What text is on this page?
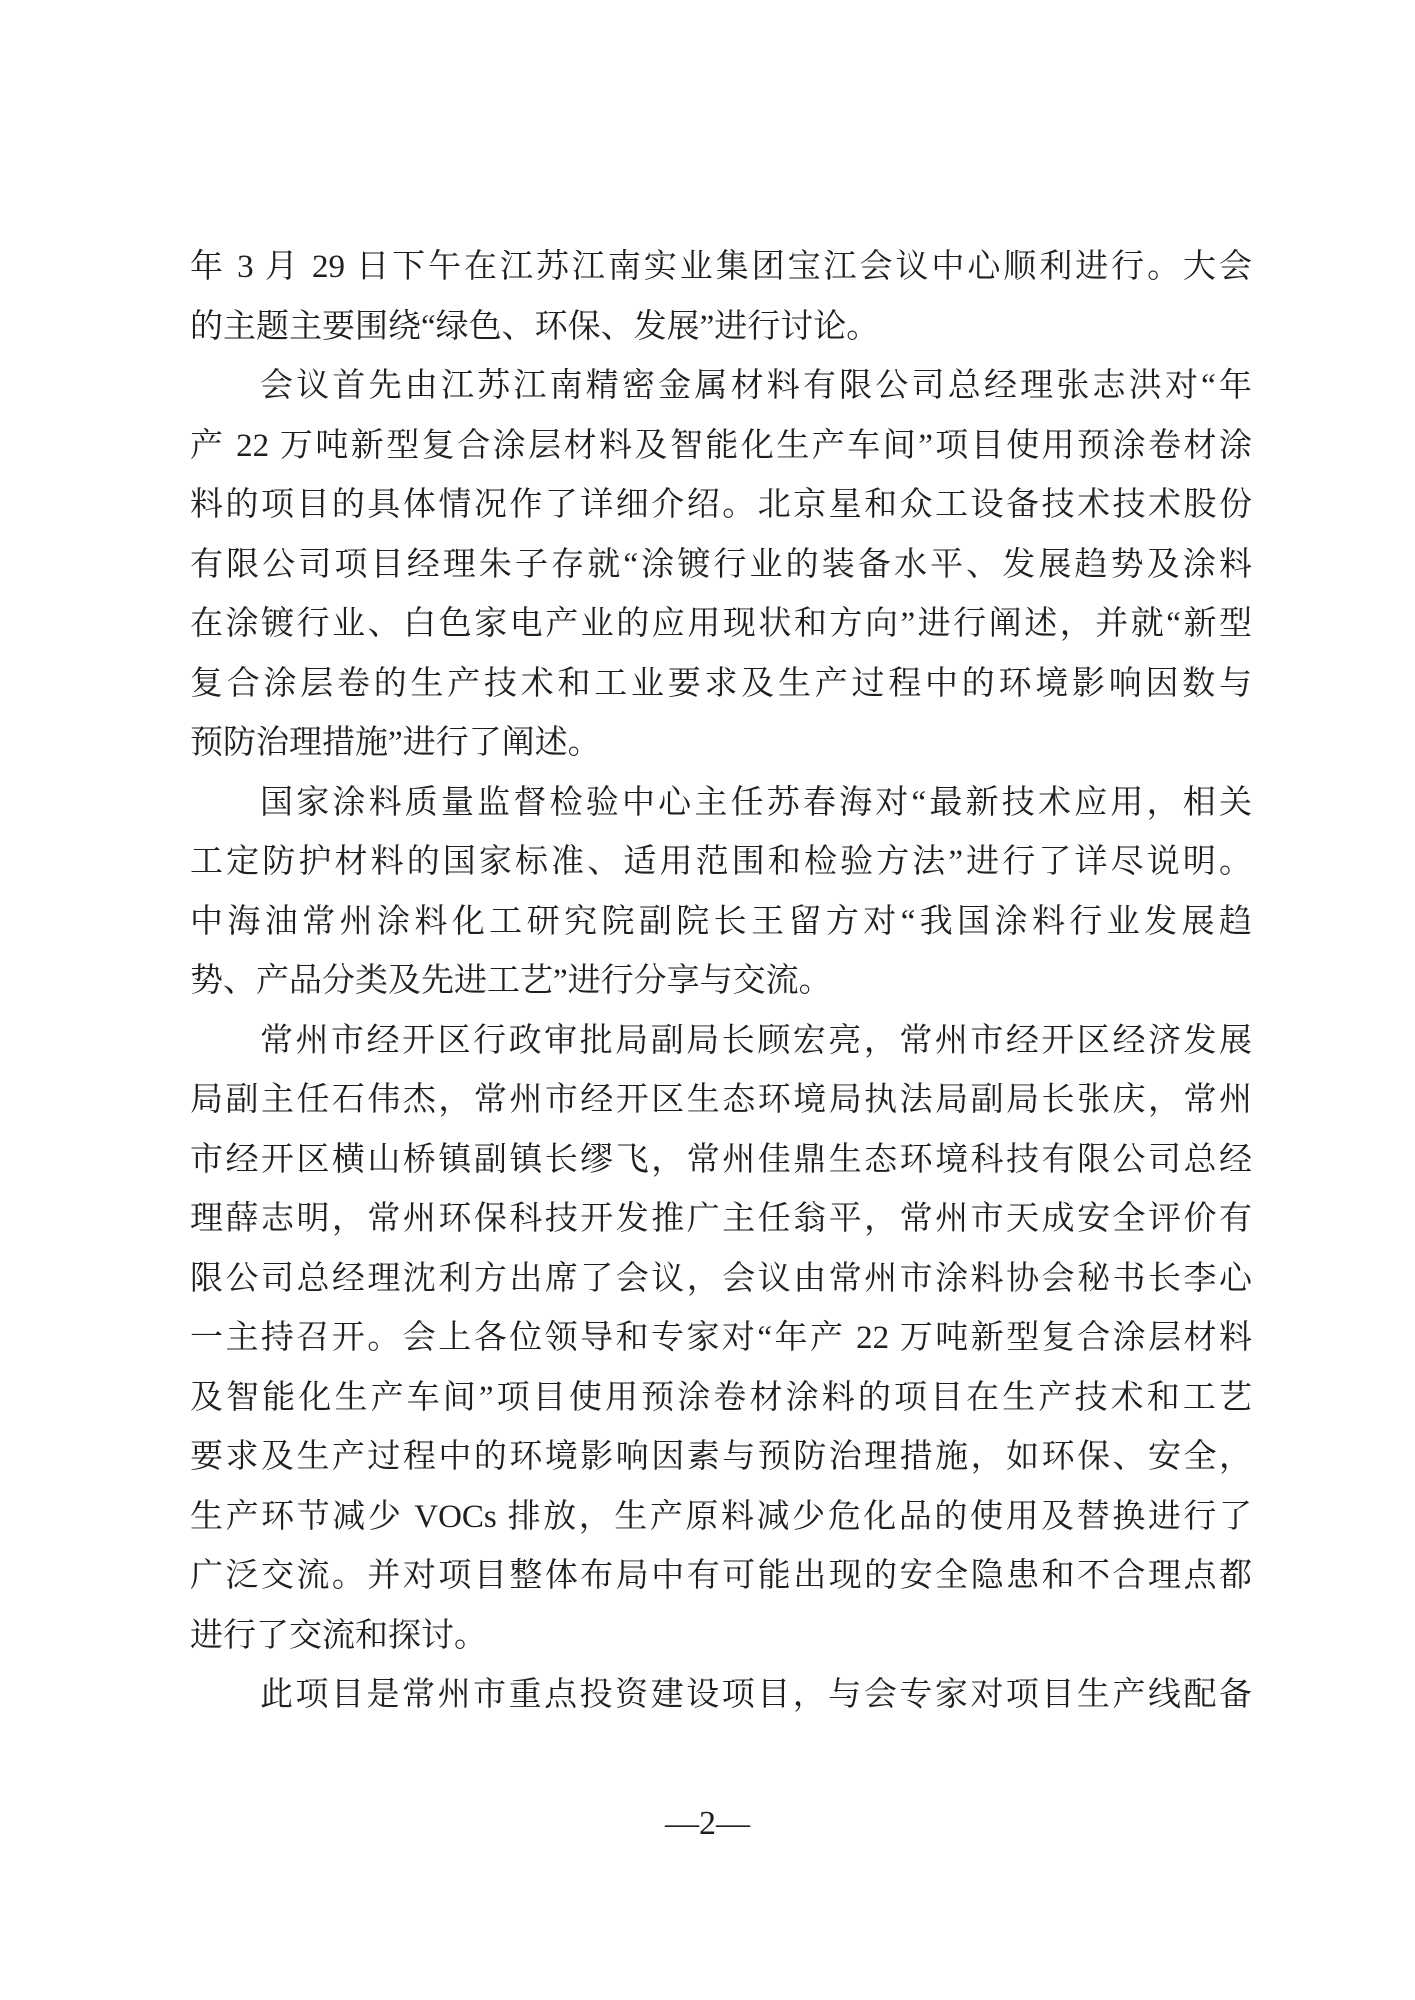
年 3 月 29 日下午在江苏江南实业集团宝江会议中心顺利进行。大会
的主题主要围绕“绿色、环保、发展”进行讨论。
会议首先由江苏江南精密金属材料有限公司总经理张志洪对“年
产 22 万吨新型复合涂层材料及智能化生产车间”项目使用预涂卷材涂
料的项目的具体情况作了详细介绍。北京星和众工设备技术技术股份
有限公司项目经理朱子存就“涂镀行业的装备水平、发展趋势及涂料
在涂镀行业、白色家电产业的应用现状和方向”进行阐述，并就“新型
复合涂层卷的生产技术和工业要求及生产过程中的环境影响因数与
预防治理措施”进行了阐述。
国家涂料质量监督检验中心主任苏春海对“最新技术应用，相关
工定防护材料的国家标准、适用范围和检验方法”进行了详尽说明。
中海油常州涂料化工研究院副院长王留方对“我国涂料行业发展趋
势、产品分类及先进工艺”进行分享与交流。
常州市经开区行政审批局副局长顾宏亮，常州市经开区经济发展
局副主任石伟杰，常州市经开区生态环境局执法局副局长张庆，常州
市经开区横山桥镇副镇长缪飞，常州佳鼎生态环境科技有限公司总经
理薛志明，常州环保科技开发推广主任翁平，常州市天成安全评价有
限公司总经理沈利方出席了会议，会议由常州市涂料协会秘书长李心
一主持召开。会上各位领导和专家对“年产 22 万吨新型复合涂层材料
及智能化生产车间”项目使用预涂卷材涂料的项目在生产技术和工艺
要求及生产过程中的环境影响因素与预防治理措施，如环保、安全，
生产环节减少 VOCs 排放，生产原料减少危化品的使用及替换进行了
广泛交流。并对项目整体布局中有可能出现的安全隐患和不合理点都
进行了交流和探讨。
此项目是常州市重点投资建设项目，与会专家对项目生产线配备
—2—
